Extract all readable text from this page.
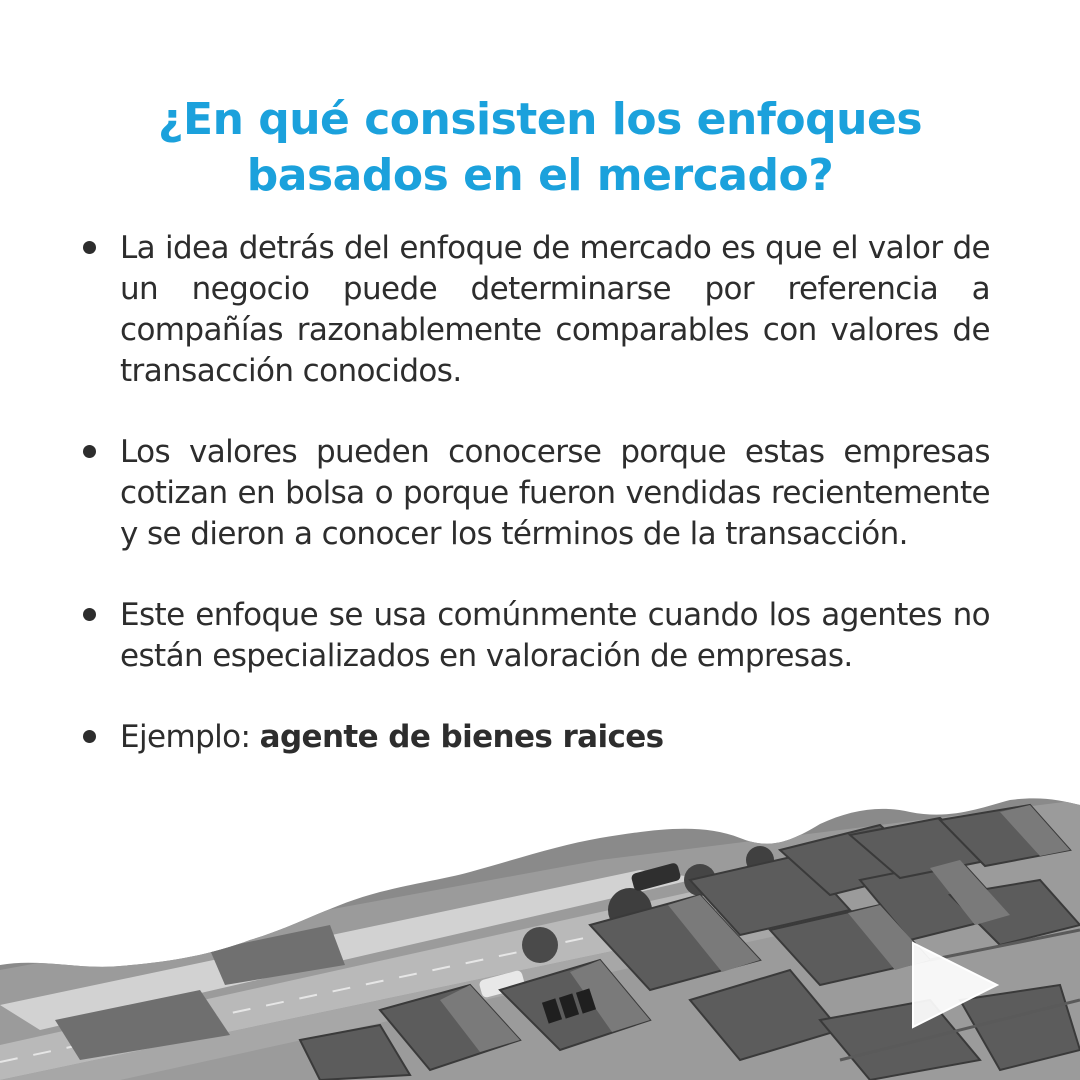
¿En qué consisten los enfoques
basados en el mercado?
La idea detrás del enfoque de mercado es que el valor de un negocio puede determinarse por referencia a compañías razonablemente comparables con valores de transacción conocidos.
Los valores pueden conocerse porque estas empresas cotizan en bolsa o porque fueron vendidas recientemente y se dieron a conocer los términos de la transacción.
Este enfoque se usa comúnmente cuando los agentes no están especializados en valoración de empresas.
Ejemplo: agente de bienes raices
